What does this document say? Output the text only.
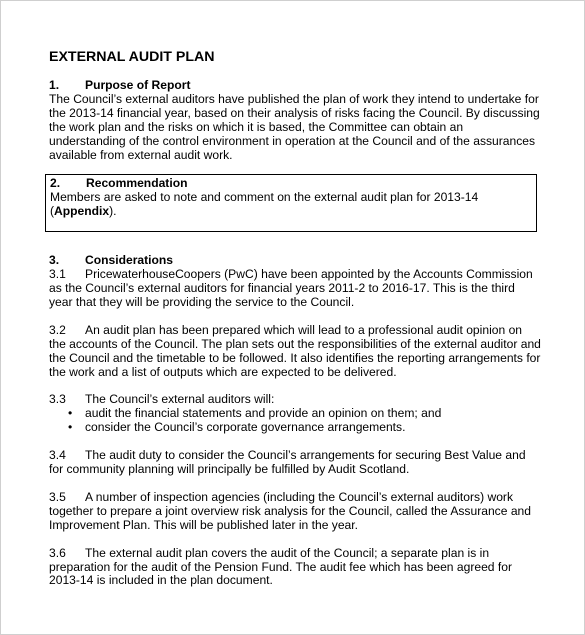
EXTERNAL AUDIT PLAN
1.	Purpose of Report

The Council’s external auditors have published the plan of work they intend to undertake for the 2013-14 financial year, based on their analysis of risks facing the Council. By discussing the work plan and the risks on which it is based, the Committee can obtain an understanding of the control environment in operation at the Council and of the assurances available from external audit work.

2.	Recommendation

Members are asked to note and comment on the external audit plan for 2013-14 (Appendix).

3.	Considerations

3.1 PricewaterhouseCoopers (PwC) have been appointed by the Accounts Commission as the Council’s external auditors for financial years 2011-2 to 2016-17. This is the third year that they will be providing the service to the Council.

3.2 An audit plan has been prepared which will lead to a professional audit opinion on the accounts of the Council. The plan sets out the responsibilities of the external auditor and the Council and the timetable to be followed. It also identifies the reporting arrangements for the work and a list of outputs which are expected to be delivered.

3.3 The Council’s external auditors will:

• audit the financial statements and provide an opinion on them; and
• consider the Council’s corporate governance arrangements.

3.4 The audit duty to consider the Council’s arrangements for securing Best Value and for community planning will principally be fulfilled by Audit Scotland.

3.5 A number of inspection agencies (including the Council’s external auditors) work together to prepare a joint overview risk analysis for the Council, called the Assurance and Improvement Plan. This will be published later in the year.

3.6 The external audit plan covers the audit of the Council; a separate plan is in preparation for the audit of the Pension Fund. The audit fee which has been agreed for 2013-14 is included in the plan document.
